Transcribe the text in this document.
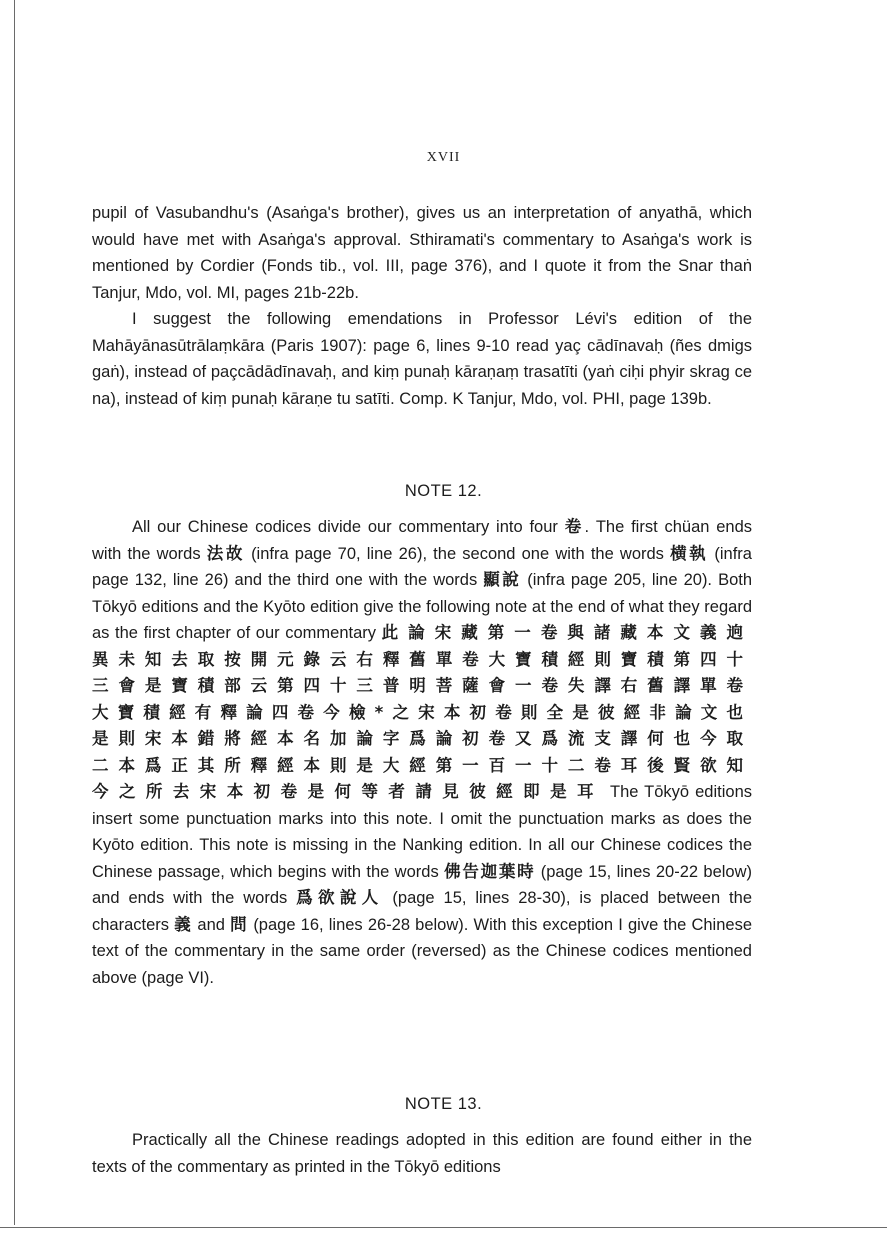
XVII

pupil of Vasubandhu's (Asaṅga's brother), gives us an interpretation of anyathā, which would have met with Asaṅga's approval. Sthiramati's commentary to Asaṅga's work is mentioned by Cordier (Fonds tib., vol. III, page 376), and I quote it from the Snar thaṅ Tanjur, Mdo, vol. MI, pages 21b-22b.

I suggest the following emendations in Professor Lévi's edition of the Mahāyānasūtrālaṃkāra (Paris 1907): page 6, lines 9-10 read yaç cādīnavaḥ (ñes dmigs gaṅ), instead of paçcādādīnavaḥ, and kiṃ punaḥ kāraṇaṃ trasatīti (yaṅ ciḥi phyir skrag ce na), instead of kiṃ punaḥ kāraṇe tu satīti. Comp. K Tanjur, Mdo, vol. PHI, page 139b.

NOTE 12.

All our Chinese codices divide our commentary into four 卷. The first chüan ends with the words 法故 (infra page 70, line 26), the second one with the words 横執 (infra page 132, line 26) and the third one with the words 顯說 (infra page 205, line 20). Both Tōkyō editions and the Kyōto edition give the following note at the end of what they regard as the first chapter of our commentary 此論宋藏第一卷與諸藏本文義逈異未知去取按開元錄云右釋舊單卷大寶積經則寶積第四十三會是寶積部云第四十三普明菩薩會一卷失譯右舊譯單卷大寶積經有釋論四卷今檢*之宋本初卷則全是彼經非論文也是則宋本錯將經本名加論字爲論初卷又爲流支譯何也今取二本爲正其所釋經本則是大經第一百一十二卷耳後賢欲知今之所去宋本初卷是何等者請見彼經即是耳 The Tōkyō editions insert some punctuation marks into this note. I omit the punctuation marks as does the Kyōto edition. This note is missing in the Nanking edition. In all our Chinese codices the Chinese passage, which begins with the words 佛告迦葉時 (page 15, lines 20-22 below) and ends with the words 爲欲說人 (page 15, lines 28-30), is placed between the characters 義 and 問 (page 16, lines 26-28 below). With this exception I give the Chinese text of the commentary in the same order (reversed) as the Chinese codices mentioned above (page VI).

NOTE 13.

Practically all the Chinese readings adopted in this edition are found either in the texts of the commentary as printed in the Tōkyō editions
